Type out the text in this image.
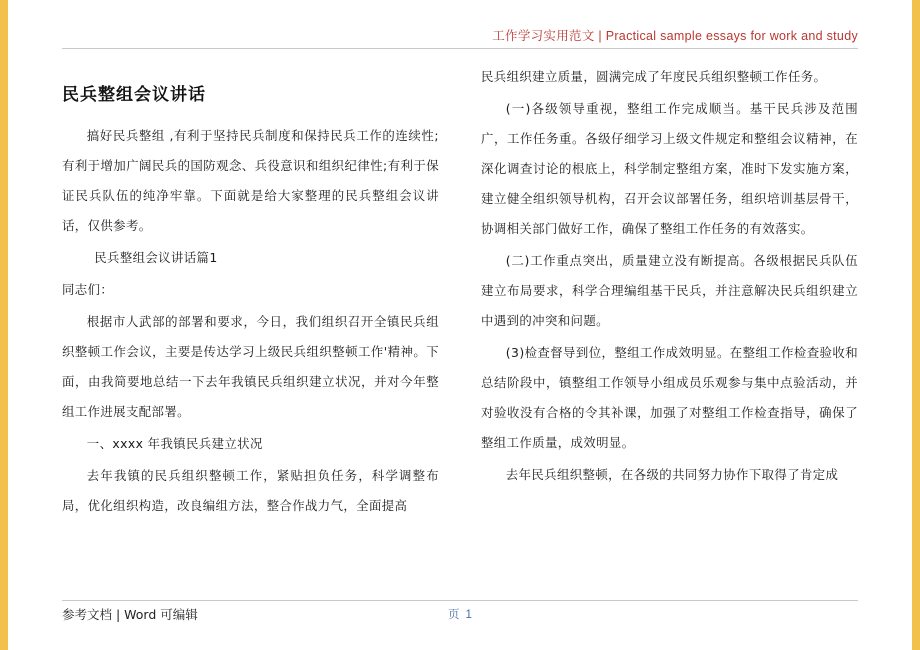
工作学习实用范文 | Practical sample essays for work and study
民兵整组会议讲话

搞好民兵整组 ,有利于坚持民兵制度和保持民兵工作的连续性;有利于增加广阔民兵的国防观念、兵役意识和组织纪律性;有利于保证民兵队伍的纯净牢靠。下面就是给大家整理的民兵整组会议讲话，仅供参考。

民兵整组会议讲话篇1

同志们：

根据市人武部的部署和要求，今日，我们组织召开全镇民兵组织整顿工作会议，主要是传达学习上级民兵组织整顿工作'精神。下面，由我简要地总结一下去年我镇民兵组织建立状况，并对今年整组工作进展支配部署。

一、xxxx 年我镇民兵建立状况

去年我镇的民兵组织整顿工作，紧贴担负任务，科学调整布局，优化组织构造，改良编组方法，整合作战力气，全面提高

民兵组织建立质量，圆满完成了年度民兵组织整顿工作任务。

(一)各级领导重视，整组工作完成顺当。基干民兵涉及范围广，工作任务重。各级仔细学习上级文件规定和整组会议精神，在深化调查讨论的根底上，科学制定整组方案，准时下发实施方案，建立健全组织领导机构，召开会议部署任务，组织培训基层骨干，协调相关部门做好工作，确保了整组工作任务的有效落实。

(二)工作重点突出，质量建立没有断提高。各级根据民兵队伍建立布局要求，科学合理编组基干民兵，并注意解决民兵组织建立中遇到的冲突和问题。

(3)检查督导到位，整组工作成效明显。在整组工作检查验收和总结阶段中，镇整组工作领导小组成员乐观参与集中点验活动，并对验收没有合格的令其补课，加强了对整组工作检查指导，确保了整组工作质量，成效明显。

去年民兵组织整顿，在各级的共同努力协作下取得了肯定成

参考文档 | Word 可编辑	页 1
